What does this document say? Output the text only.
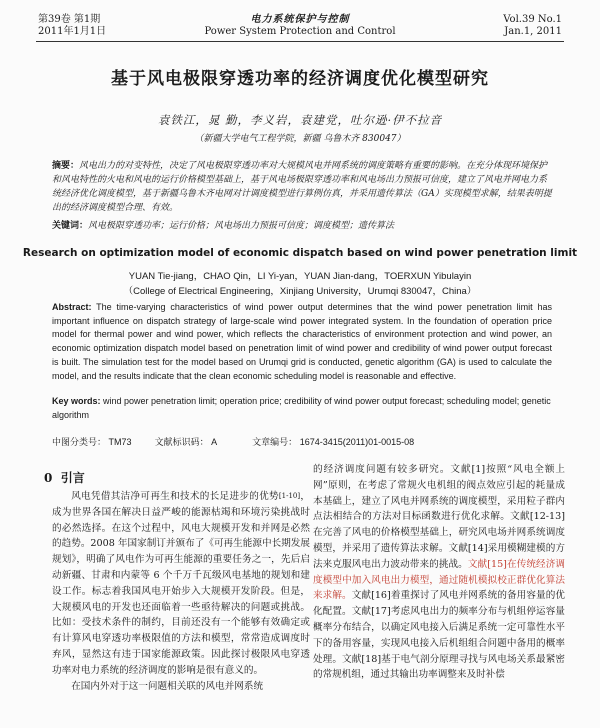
第39卷 第1期
2011年1月1日
电力系统保护与控制
Power System Protection and Control
Vol.39 No.1
Jan.1, 2011
基于风电极限穿透功率的经济调度优化模型研究
袁铁江，晁 勤，李义岩，袁建党，吐尔逊·伊不拉音
（新疆大学电气工程学院，新疆 乌鲁木齐 830047）
摘要：风电出力的对变特性，决定了风电极限穿透功率对大规模风电并网系统的调度策略有重要的影响。在充分体现环境保护和风电特性的火电和风电的运行价格模型基础上，基于风电场极限穿透功率和风电场出力预报可信度，建立了风电并网电力系统经济优化调度模型，基于新疆乌鲁木齐电网对计调度模型进行算例仿真，并采用遗传算法（GA）实现模型求解，结果表明提出的经济调度模型合理、有效。
关键词：风电极限穿透功率；运行价格；风电场出力预报可信度；调度模型；遗传算法
Research on optimization model of economic dispatch based on wind power penetration limit
YUAN Tie-jiang，CHAO Qin，LI Yi-yan，YUAN Jian-dang，TOERXUN Yibulayin
（College of Electrical Engineering，Xinjiang University，Urumqi 830047，China）
Abstract: The time-varying characteristics of wind power output determines that the wind power penetration limit has important influence on dispatch strategy of large-scale wind power integrated system. In the foundation of operation price model for thermal power and wind power, which reflects the characteristics of environment protection and wind power, an economic optimization dispatch model based on penetration limit of wind power and credibility of wind power output forecast is built. The simulation test for the model based on Urumqi grid is conducted, genetic algorithm (GA) is used to calculate the model, and the results indicate that the clean economic scheduling model is reasonable and effective.
Key words: wind power penetration limit; operation price; credibility of wind power output forecast; scheduling model; genetic algorithm
中图分类号： TM73	文献标识码： A	文章编号： 1674-3415(2011)01-0015-08
0 引言

风电凭借其洁净可再生和技术的长足进步的优势[1-10]，成为世界各国在解决日益严峻的能源枯竭和环境污染挑战时的必然选择。在这个过程中，风电大规模开发和并网是必然的趋势。2008 年国家制订并颁布了《可再生能源中长期发展规划》，明确了风电作为可再生能源的重要任务之一，先后启动新疆、甘肃和内蒙等 6 个千万千瓦级风电基地的规划和建设工作。标志着我国风电开始步入大规模开发阶段。但是，大规模风电的开发也还面临着一些亟待解决的问题或挑战。比如：受技术条件的制约，目前还没有一个能够有效确定或有计算风电穿透功率极限值的方法和模型，常常造成调度时弃风，显然这有违于国家能源政策。因此探讨极限风电穿透功率对电力系统的经济调度的影响是很有意义的。

在国内外对于这一问题相关联的风电并网系统

的经济调度问题有较多研究。文献[1]按照“风电全额上网”原则，在考虑了常规火电机组的阀点效应引起的耗量成本基础上，建立了风电并网系统的调度模型，采用粒子群内点法相结合的方法对目标函数进行优化求解。文献[12-13]在完善了风电的价格模型基础上，研究风电场并网系统调度模型，并采用了遗传算法求解。文献[14]采用模糊建模的方法来克服风电出力波动带来的挑战。文献[15]在传统经济调度模型中加入风电出力模型，通过随机模拟校正群优化算法来求解。文献[16]着重探讨了风电并网系统的备用容量的优化配置。文献[17]考虑风电出力的频率分布与机组停运容量概率分布结合，以确定风电接入后满足系统一定可靠性水平下的备用容量，实现风电接入后机组组合问题中备用的概率处理。文献[18]基于电气剖分原理寻找与风电场关系最紧密的常规机组，通过其输出功率调整来及时补偿
